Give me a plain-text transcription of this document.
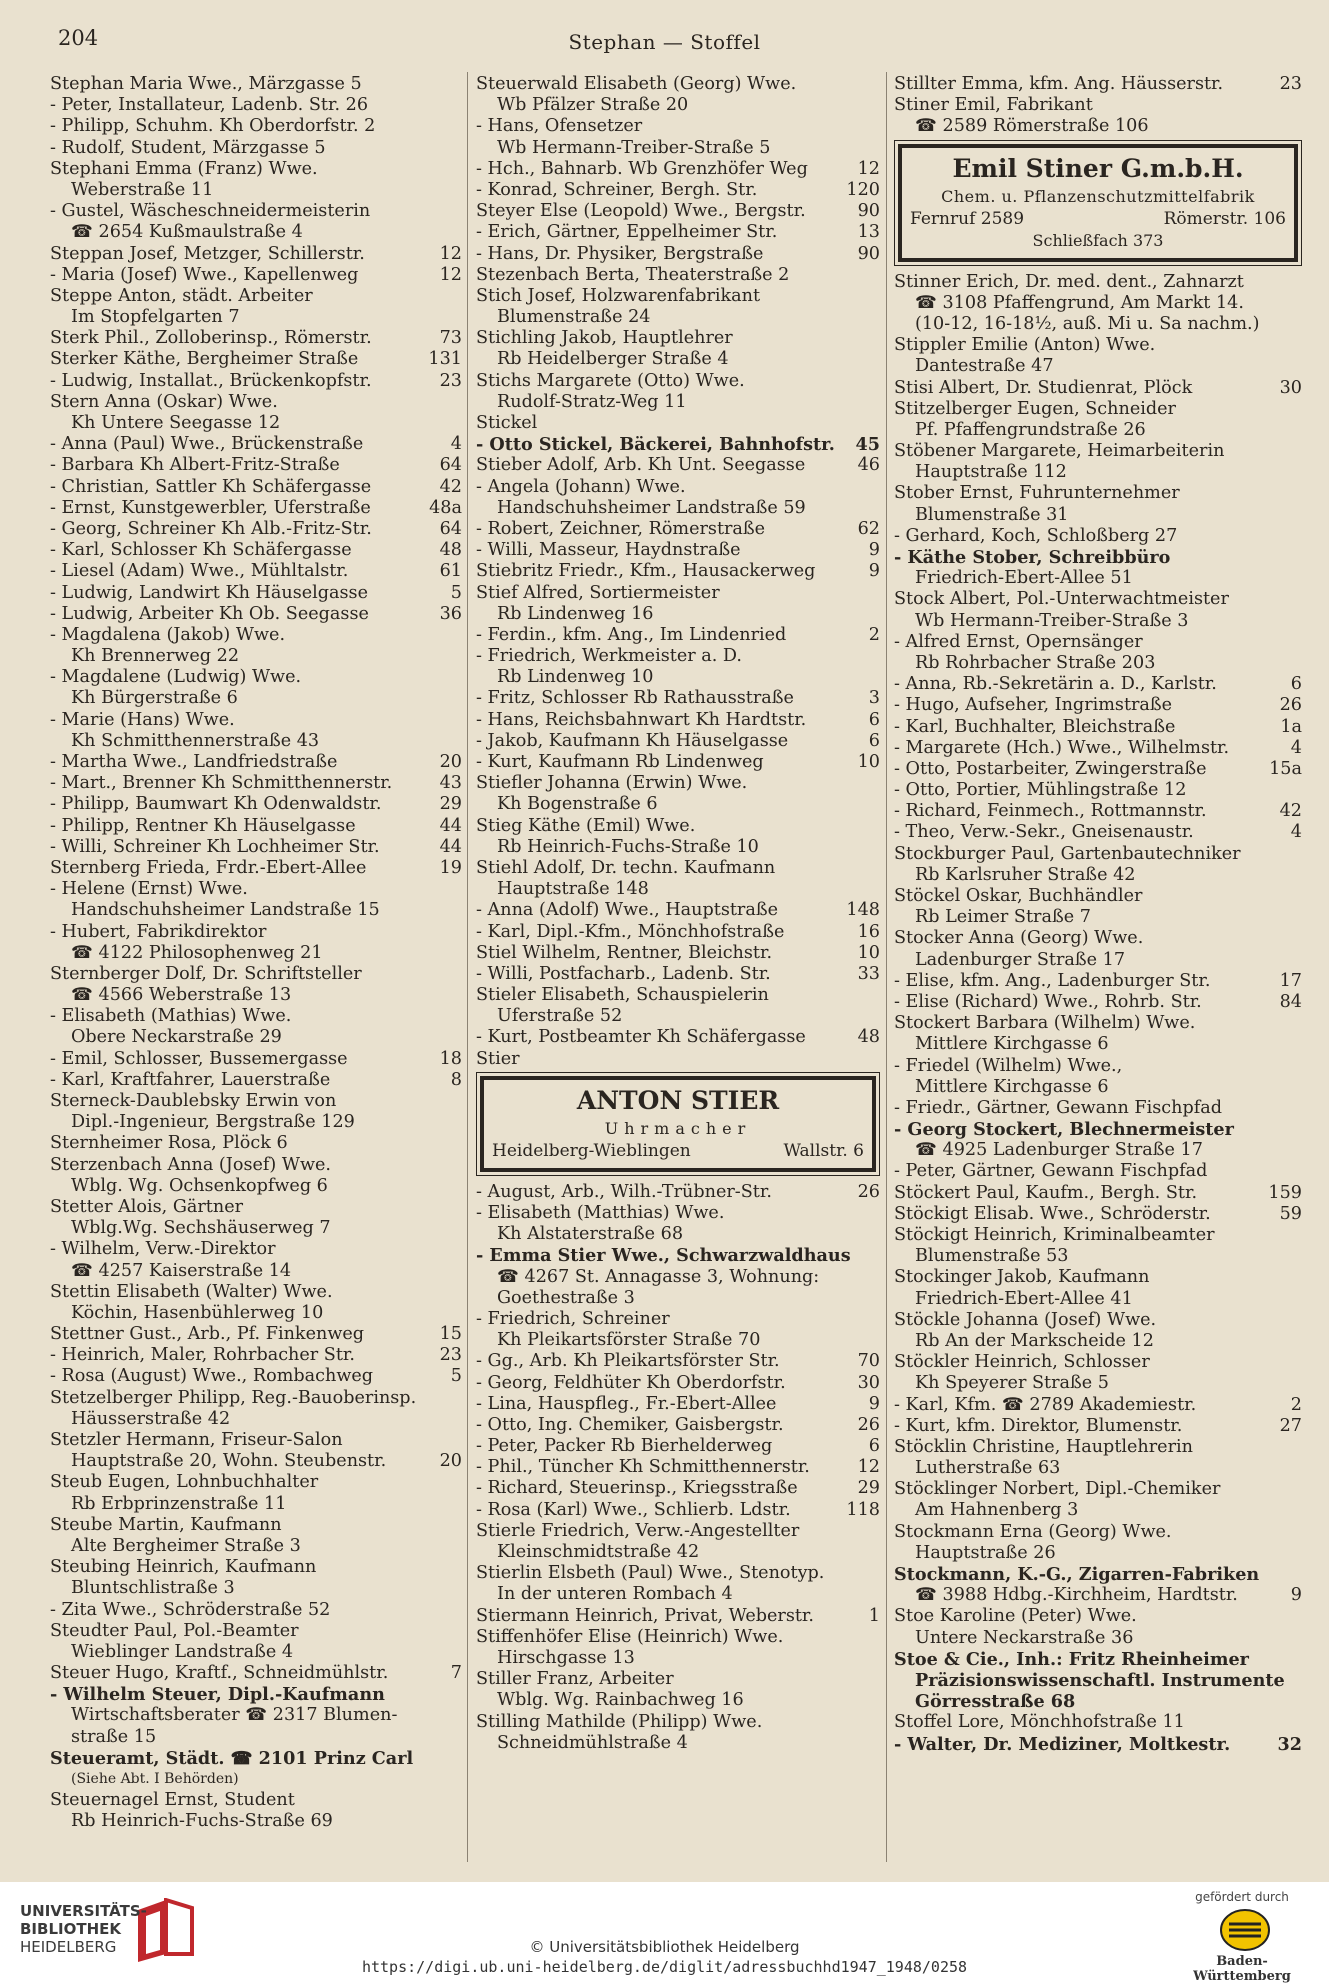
204	Stephan — Stoffel
Stephan Maria Wwe., Märzgasse 5
- Peter, Installateur, Ladenb. Str. 26
- Philipp, Schuhm. Kh Oberdorfstr. 2
- Rudolf, Student, Märzgasse 5
Stephani Emma (Franz) Wwe.
Weberstraße 11
- Gustel, Wäscheschneidermeisterin
☎ 2654 Kußmaulstraße 4
Steppan Josef, Metzger, Schillerstr.	12
- Maria (Josef) Wwe., Kapellenweg	12
Steppe Anton, städt. Arbeiter
Im Stopfelgarten 7
Sterk Phil., Zolloberinsp., Römerstr.	73
Sterker Käthe, Bergheimer Straße	131
- Ludwig, Installat., Brückenkopfstr.	23
Stern Anna (Oskar) Wwe.
Kh Untere Seegasse 12
- Anna (Paul) Wwe., Brückenstraße	4
- Barbara Kh Albert-Fritz-Straße	64
- Christian, Sattler Kh Schäfergasse	42
- Ernst, Kunstgewerbler, Uferstraße	48a
- Georg, Schreiner Kh Alb.-Fritz-Str.	64
- Karl, Schlosser Kh Schäfergasse	48
- Liesel (Adam) Wwe., Mühltalstr.	61
- Ludwig, Landwirt Kh Häuselgasse	5
- Ludwig, Arbeiter Kh Ob. Seegasse	36
- Magdalena (Jakob) Wwe.
Kh Brennerweg 22
- Magdalene (Ludwig) Wwe.
Kh Bürgerstraße 6
- Marie (Hans) Wwe.
Kh Schmitthennerstraße 43
- Martha Wwe., Landfriedstraße	20
- Mart., Brenner Kh Schmitthennerstr.	43
- Philipp, Baumwart Kh Odenwaldstr.	29
- Philipp, Rentner Kh Häuselgasse	44
- Willi, Schreiner Kh Lochheimer Str.	44
Sternberg Frieda, Frdr.-Ebert-Allee	19
- Helene (Ernst) Wwe.
Handschuhsheimer Landstraße 15
- Hubert, Fabrikdirektor
☎ 4122 Philosophenweg 21
Sternberger Dolf, Dr. Schriftsteller
☎ 4566 Weberstraße 13
- Elisabeth (Mathias) Wwe.
Obere Neckarstraße 29
- Emil, Schlosser, Bussemergasse	18
- Karl, Kraftfahrer, Lauerstraße	8
Sterneck-Daublebsky Erwin von
Dipl.-Ingenieur, Bergstraße 129
Sternheimer Rosa, Plöck 6
Sterzenbach Anna (Josef) Wwe.
Wblg. Wg. Ochsenkopfweg 6
Stetter Alois, Gärtner
Wblg.Wg. Sechshäuserweg 7
- Wilhelm, Verw.-Direktor
☎ 4257 Kaiserstraße 14
Stettin Elisabeth (Walter) Wwe.
Köchin, Hasenbühlerweg 10
Stettner Gust., Arb., Pf. Finkenweg	15
- Heinrich, Maler, Rohrbacher Str.	23
- Rosa (August) Wwe., Rombachweg	5
Stetzelberger Philipp, Reg.-Bauoberinsp.
Häusserstraße 42
Stetzler Hermann, Friseur-Salon
Hauptstraße 20, Wohn. Steubenstr.	20
Steub Eugen, Lohnbuchhalter
Rb Erbprinzenstraße 11
Steube Martin, Kaufmann
Alte Bergheimer Straße 3
Steubing Heinrich, Kaufmann
Bluntschlistraße 3
- Zita Wwe., Schröderstraße 52
Steudter Paul, Pol.-Beamter
Wieblinger Landstraße 4
Steuer Hugo, Kraftf., Schneidmühlstr.	7
- Wilhelm Steuer, Dipl.-Kaufmann
Wirtschaftsberater ☎ 2317 Blumen-
straße 15
Steueramt, Städt. ☎ 2101 Prinz Carl
(Siehe Abt. I Behörden)
Steuernagel Ernst, Student
Rb Heinrich-Fuchs-Straße 69
Steuerwald Elisabeth (Georg) Wwe.
Wb Pfälzer Straße 20
- Hans, Ofensetzer
Wb Hermann-Treiber-Straße 5
- Hch., Bahnarb. Wb Grenzhöfer Weg	12
- Konrad, Schreiner, Bergh. Str.	120
Steyer Else (Leopold) Wwe., Bergstr.	90
- Erich, Gärtner, Eppelheimer Str.	13
- Hans, Dr. Physiker, Bergstraße	90
Stezenbach Berta, Theaterstraße 2
Stich Josef, Holzwarenfabrikant
Blumenstraße 24
Stichling Jakob, Hauptlehrer
Rb Heidelberger Straße 4
Stichs Margarete (Otto) Wwe.
Rudolf-Stratz-Weg 11
Stickel
- Otto Stickel, Bäckerei, Bahnhofstr. 45
Stieber Adolf, Arb. Kh Unt. Seegasse	46
- Angela (Johann) Wwe.
Handschuhsheimer Landstraße 59
- Robert, Zeichner, Römerstraße	62
- Willi, Masseur, Haydnstraße	9
Stiebritz Friedr., Kfm., Hausackerweg	9
Stief Alfred, Sortiermeister
Rb Lindenweg 16
- Ferdin., kfm. Ang., Im Lindenried	2
- Friedrich, Werkmeister a. D.
Rb Lindenweg 10
- Fritz, Schlosser Rb Rathausstraße	3
- Hans, Reichsbahnwart Kh Hardtstr.	6
- Jakob, Kaufmann Kh Häuselgasse	6
- Kurt, Kaufmann Rb Lindenweg	10
Stiefler Johanna (Erwin) Wwe.
Kh Bogenstraße 6
Stieg Käthe (Emil) Wwe.
Rb Heinrich-Fuchs-Straße 10
Stiehl Adolf, Dr. techn. Kaufmann
Hauptstraße 148
- Anna (Adolf) Wwe., Hauptstraße	148
- Karl, Dipl.-Kfm., Mönchhofstraße	16
Stiel Wilhelm, Rentner, Bleichstr.	10
- Willi, Postfacharb., Ladenb. Str.	33
Stieler Elisabeth, Schauspielerin
Uferstraße 52
- Kurt, Postbeamter Kh Schäfergasse	48
Stier
ANTON STIER
Uhrmacher
Heidelberg-Wieblingen	Wallstr. 6
- August, Arb., Wilh.-Trübner-Str.	26
- Elisabeth (Matthias) Wwe.
Kh Alstaterstraße 68
- Emma Stier Wwe., Schwarzwaldhaus
☎ 4267 St. Annagasse 3, Wohnung:
Goethestraße 3
- Friedrich, Schreiner
Kh Pleikartsförster Straße 70
- Gg., Arb. Kh Pleikartsförster Str.	70
- Georg, Feldhüter Kh Oberdorfstr.	30
- Lina, Hauspfleg., Fr.-Ebert-Allee	9
- Otto, Ing. Chemiker, Gaisbergstr.	26
- Peter, Packer Rb Bierhelderweg	6
- Phil., Tüncher Kh Schmitthennerstr.	12
- Richard, Steuerinsp., Kriegsstraße	29
- Rosa (Karl) Wwe., Schlierb. Ldstr.	118
Stierle Friedrich, Verw.-Angestellter
Kleinschmidtstraße 42
Stierlin Elsbeth (Paul) Wwe., Stenotyp.
In der unteren Rombach 4
Stiermann Heinrich, Privat, Weberstr.	1
Stiffenhöfer Elise (Heinrich) Wwe.
Hirschgasse 13
Stiller Franz, Arbeiter
Wblg. Wg. Rainbachweg 16
Stilling Mathilde (Philipp) Wwe.
Schneidmühlstraße 4
Stillter Emma, kfm. Ang. Häusserstr.	23
Stiner Emil, Fabrikant
☎ 2589 Römerstraße 106
Emil Stiner G.m.b.H.
Chem. u. Pflanzenschutzmittelfabrik
Fernruf 2589	Römerstr. 106
Schließfach 373
Stinner Erich, Dr. med. dent., Zahnarzt
☎ 3108 Pfaffengrund, Am Markt 14.
(10-12, 16-18½, auß. Mi u. Sa nachm.)
Stippler Emilie (Anton) Wwe.
Dantestraße 47
Stisi Albert, Dr. Studienrat, Plöck	30
Stitzelberger Eugen, Schneider
Pf. Pfaffengrundstraße 26
Stöbener Margarete, Heimarbeiterin
Hauptstraße 112
Stober Ernst, Fuhrunternehmer
Blumenstraße 31
- Gerhard, Koch, Schloßberg 27
- Käthe Stober, Schreibbüro
Friedrich-Ebert-Allee 51
Stock Albert, Pol.-Unterwachtmeister
Wb Hermann-Treiber-Straße 3
- Alfred Ernst, Opernsänger
Rb Rohrbacher Straße 203
- Anna, Rb.-Sekretärin a. D., Karlstr.	6
- Hugo, Aufseher, Ingrimstraße	26
- Karl, Buchhalter, Bleichstraße	1a
- Margarete (Hch.) Wwe., Wilhelmstr.	4
- Otto, Postarbeiter, Zwingerstraße	15a
- Otto, Portier, Mühlingstraße 12
- Richard, Feinmech., Rottmannstr.	42
- Theo, Verw.-Sekr., Gneisenaustr.	4
Stockburger Paul, Gartenbautechniker
Rb Karlsruher Straße 42
Stöckel Oskar, Buchhändler
Rb Leimer Straße 7
Stocker Anna (Georg) Wwe.
Ladenburger Straße 17
- Elise, kfm. Ang., Ladenburger Str.	17
- Elise (Richard) Wwe., Rohrb. Str.	84
Stockert Barbara (Wilhelm) Wwe.
Mittlere Kirchgasse 6
- Friedel (Wilhelm) Wwe.,
Mittlere Kirchgasse 6
- Friedr., Gärtner, Gewann Fischpfad
- Georg Stockert, Blechnermeister
☎ 4925 Ladenburger Straße 17
- Peter, Gärtner, Gewann Fischpfad
Stöckert Paul, Kaufm., Bergh. Str.	159
Stöckigt Elisab. Wwe., Schröderstr.	59
Stöckigt Heinrich, Kriminalbeamter
Blumenstraße 53
Stockinger Jakob, Kaufmann
Friedrich-Ebert-Allee 41
Stöckle Johanna (Josef) Wwe.
Rb An der Markscheide 12
Stöckler Heinrich, Schlosser
Kh Speyerer Straße 5
- Karl, Kfm. ☎ 2789 Akademiestr.	2
- Kurt, kfm. Direktor, Blumenstr.	27
Stöcklin Christine, Hauptlehrerin
Lutherstraße 63
Stöcklinger Norbert, Dipl.-Chemiker
Am Hahnenberg 3
Stockmann Erna (Georg) Wwe.
Hauptstraße 26
Stockmann, K.-G., Zigarren-Fabriken
☎ 3988 Hdbg.-Kirchheim, Hardtstr.	9
Stoe Karoline (Peter) Wwe.
Untere Neckarstraße 36
Stoe & Cie., Inh.: Fritz Rheinheimer
Präzisionswissenschaftl. Instrumente
Görresstraße 68
Stoffel Lore, Mönchhofstraße 11
- Walter, Dr. Mediziner, Moltkestr.	32
UNIVERSITÄTS-
BIBLIOTHEK
HEIDELBERG	© Universitätsbibliothek Heidelberg
https://digi.ub.uni-heidelberg.de/diglit/adressbuchhd1947_1948/0258
gefördert durch
Baden-Württemberg
